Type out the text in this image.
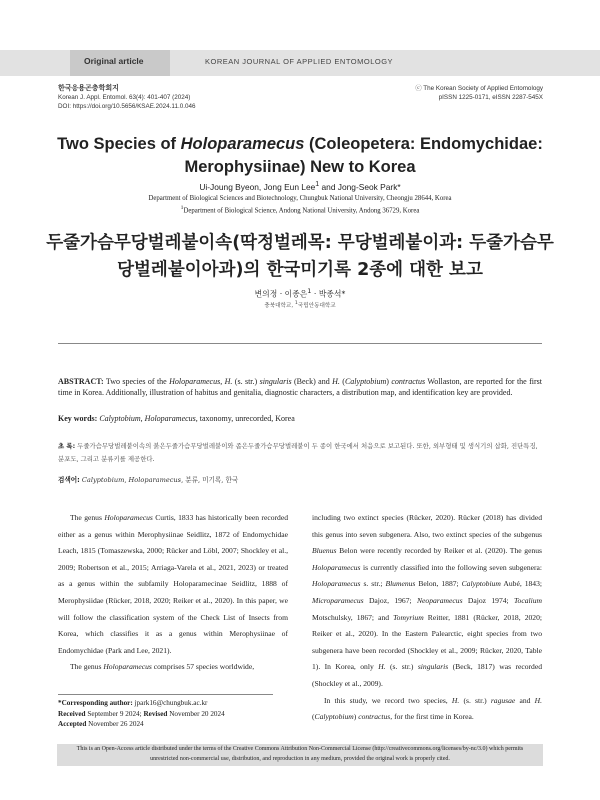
Original article	KOREAN JOURNAL OF APPLIED ENTOMOLOGY
한국응용곤충학회지
Korean J. Appl. Entomol. 63(4): 401-407 (2024)
DOI: https://doi.org/10.5656/KSAE.2024.11.0.046
ⓒ The Korean Society of Applied Entomology
pISSN 1225-0171, eISSN 2287-545X
Two Species of Holoparamecus (Coleopetera: Endomychidae: Merophysiinae) New to Korea
Ui-Joung Byeon, Jong Eun Lee$^1$ and Jong-Seok Park*
Department of Biological Sciences and Biotechnology, Chungbuk National University, Cheongju 28644, Korea
$^1$Department of Biological Science, Andong National University, Andong 36729, Korea
두줄가슴무당벌레붙이속(딱정벌레목: 무당벌레붙이과: 두줄가슴무당벌레붙이아과)의 한국미기록 2종에 대한 보고
변의정 · 이종은$^1$ · 박종석*
충북대학교, $^1$국립안동대학교
ABSTRACT: Two species of the Holoparamecus, H. (s. str.) singularis (Beck) and H. (Calyptobium) contractus Wollaston, are reported for the first time in Korea. Additionally, illustration of habitus and genitalia, diagnostic characters, a distribution map, and identification key are provided.
Key words: Calyptobium, Holoparamecus, taxonomy, unrecorded, Korea
초 록: 두줄가슴무당벌레붙이속의 붉은두줄가슴무당벌레붙이와 좁은두줄가슴무당벌레붙이 두 종이 한국에서 처음으로 보고된다. 또한, 외부형태 및 생식기의 삽화, 진단특징, 분포도, 그리고 분류키를 제공한다.
검색어: Calyptobium, Holoparamecus, 분류, 미기록, 한국

The genus Holoparamecus Curtis, 1833 has historically been recorded either as a genus within Merophysiinae Seidlitz, 1872 of Endomychidae Leach, 1815 (Tomaszewska, 2000; Rücker and Löbl, 2007; Shockley et al., 2009; Robertson et al., 2015; Arriaga-Varela et al., 2021, 2023) or treated as a genus within the subfamily Holoparamecinae Seidlitz, 1888 of Merophysiidae (Rücker, 2018, 2020; Reiker et al., 2020). In this paper, we will follow the classification system of the Check List of Insects from Korea, which classifies it as a genus within Merophysiinae of Endomychidae (Park and Lee, 2021).

The genus Holoparamecus comprises 57 species worldwide,

including two extinct species (Rücker, 2020). Rücker (2018) has divided this genus into seven subgenera. Also, two extinct species of the subgenus Bluenus Belon were recently recorded by Reiker et al. (2020). The genus Holoparamecus is currently classified into the following seven subgenera: Holoparamecus s. str.; Blumenus Belon, 1887; Calyptobium Aubé, 1843; Microparamecus Dajoz, 1967; Neoparamecus Dajoz 1974; Tocalium Motschulsky, 1867; and Tomyrium Reitter, 1881 (Rücker, 2018, 2020; Reiker et al., 2020). In the Eastern Palearctic, eight species from two subgenera have been recorded (Shockley et al., 2009; Rücker, 2020, Table 1). In Korea, only H. (s. str.) singularis (Beck, 1817) was recorded (Shockley et al., 2009).

In this study, we record two species, H. (s. str.) ragusae and H. (Calyptobium) contractus, for the first time in Korea.

*Corresponding author: jpark16@chungbuk.ac.kr
Received September 9 2024; Revised November 20 2024
Accepted November 26 2024
This is an Open-Access article distributed under the terms of the Creative Commons Attribution Non-Commercial License (http://creativecommons.org/licenses/by-nc/3.0) which permits unrestricted non-commercial use, distribution, and reproduction in any medium, provided the original work is properly cited.
